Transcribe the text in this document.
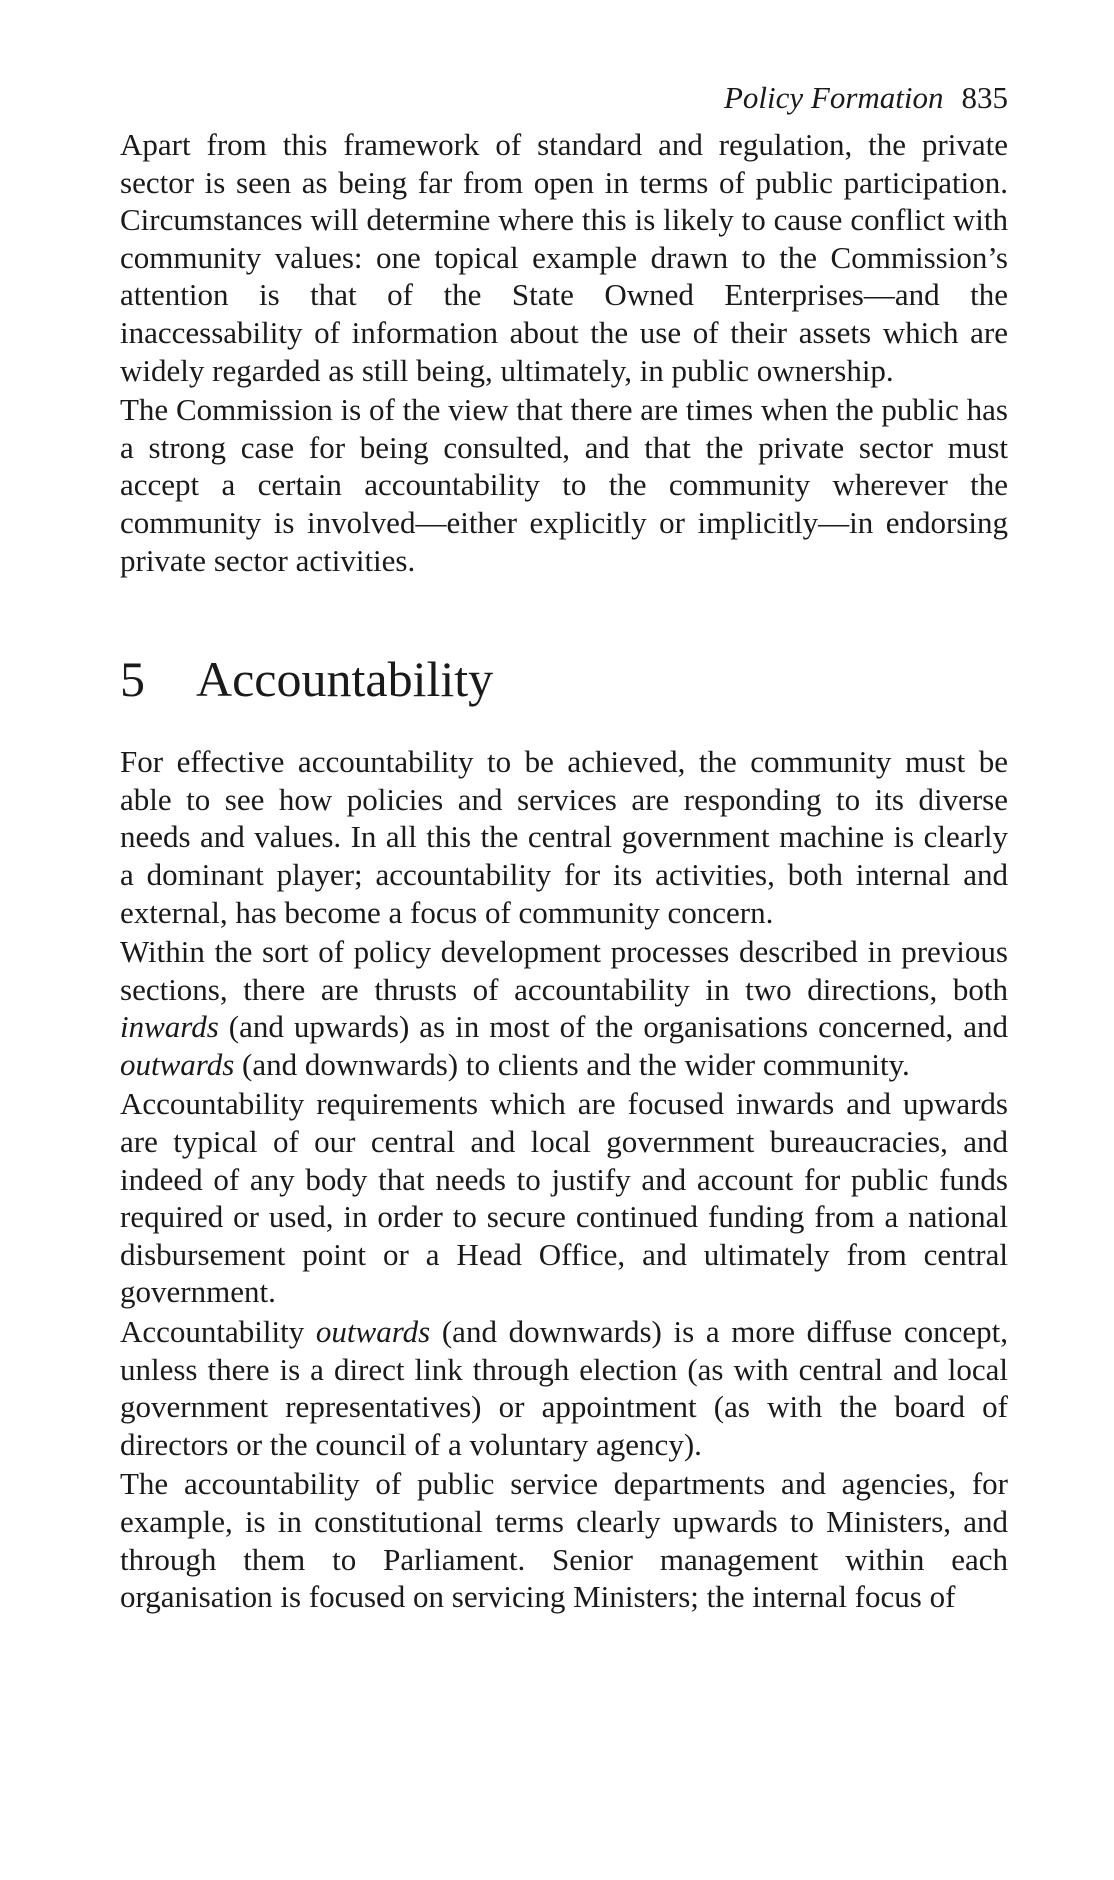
Policy Formation 835

Apart from this framework of standard and regulation, the private sector is seen as being far from open in terms of public participation. Circumstances will determine where this is likely to cause conflict with community values: one topical example drawn to the Commission’s attention is that of the State Owned Enterprises—and the inaccessability of information about the use of their assets which are widely regarded as still being, ultimately, in public ownership.

The Commission is of the view that there are times when the public has a strong case for being consulted, and that the private sector must accept a certain accountability to the community wherever the community is involved—either explicitly or implicitly—in endorsing private sector activities.

5 Accountability

For effective accountability to be achieved, the community must be able to see how policies and services are responding to its diverse needs and values. In all this the central government machine is clearly a dominant player; accountability for its activities, both internal and external, has become a focus of community concern.

Within the sort of policy development processes described in previous sections, there are thrusts of accountability in two directions, both inwards (and upwards) as in most of the organisations concerned, and outwards (and downwards) to clients and the wider community.

Accountability requirements which are focused inwards and upwards are typical of our central and local government bureaucracies, and indeed of any body that needs to justify and account for public funds required or used, in order to secure continued funding from a national disbursement point or a Head Office, and ultimately from central government.

Accountability outwards (and downwards) is a more diffuse concept, unless there is a direct link through election (as with central and local government representatives) or appointment (as with the board of directors or the council of a voluntary agency).

The accountability of public service departments and agencies, for example, is in constitutional terms clearly upwards to Ministers, and through them to Parliament. Senior management within each organisation is focused on servicing Ministers; the internal focus of
